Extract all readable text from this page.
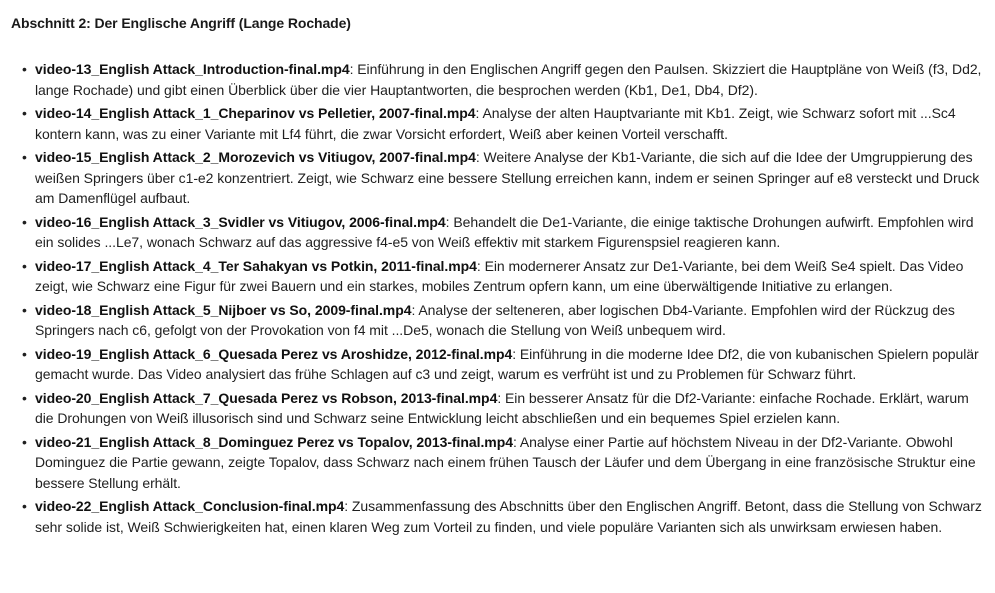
Abschnitt 2: Der Englische Angriff (Lange Rochade)
• video-13_English Attack_Introduction-final.mp4: Einführung in den Englischen Angriff gegen den Paulsen. Skizziert die Hauptpläne von Weiß (f3, Dd2, lange Rochade) und gibt einen Überblick über die vier Hauptantworten, die besprochen werden (Kb1, De1, Db4, Df2).
• video-14_English Attack_1_Cheparinov vs Pelletier, 2007-final.mp4: Analyse der alten Hauptvariante mit Kb1. Zeigt, wie Schwarz sofort mit ...Sc4 kontern kann, was zu einer Variante mit Lf4 führt, die zwar Vorsicht erfordert, Weiß aber keinen Vorteil verschafft.
• video-15_English Attack_2_Morozevich vs Vitiugov, 2007-final.mp4: Weitere Analyse der Kb1-Variante, die sich auf die Idee der Umgruppierung des weißen Springers über c1-e2 konzentriert. Zeigt, wie Schwarz eine bessere Stellung erreichen kann, indem er seinen Springer auf e8 versteckt und Druck am Damenflügel aufbaut.
• video-16_English Attack_3_Svidler vs Vitiugov, 2006-final.mp4: Behandelt die De1-Variante, die einige taktische Drohungen aufwirft. Empfohlen wird ein solides ...Le7, wonach Schwarz auf das aggressive f4-e5 von Weiß effektiv mit starkem Figurenspsiel reagieren kann.
• video-17_English Attack_4_Ter Sahakyan vs Potkin, 2011-final.mp4: Ein modernerer Ansatz zur De1-Variante, bei dem Weiß Se4 spielt. Das Video zeigt, wie Schwarz eine Figur für zwei Bauern und ein starkes, mobiles Zentrum opfern kann, um eine überwältigende Initiative zu erlangen.
• video-18_English Attack_5_Nijboer vs So, 2009-final.mp4: Analyse der selteneren, aber logischen Db4-Variante. Empfohlen wird der Rückzug des Springers nach c6, gefolgt von der Provokation von f4 mit ...De5, wonach die Stellung von Weiß unbequem wird.
• video-19_English Attack_6_Quesada Perez vs Aroshidze, 2012-final.mp4: Einführung in die moderne Idee Df2, die von kubanischen Spielern populär gemacht wurde. Das Video analysiert das frühe Schlagen auf c3 und zeigt, warum es verfrüht ist und zu Problemen für Schwarz führt.
• video-20_English Attack_7_Quesada Perez vs Robson, 2013-final.mp4: Ein besserer Ansatz für die Df2-Variante: einfache Rochade. Erklärt, warum die Drohungen von Weiß illusorisch sind und Schwarz seine Entwicklung leicht abschließen und ein bequemes Spiel erzielen kann.
• video-21_English Attack_8_Dominguez Perez vs Topalov, 2013-final.mp4: Analyse einer Partie auf höchstem Niveau in der Df2-Variante. Obwohl Dominguez die Partie gewann, zeigte Topalov, dass Schwarz nach einem frühen Tausch der Läufer und dem Übergang in eine französische Struktur eine bessere Stellung erhält.
• video-22_English Attack_Conclusion-final.mp4: Zusammenfassung des Abschnitts über den Englischen Angriff. Betont, dass die Stellung von Schwarz sehr solide ist, Weiß Schwierigkeiten hat, einen klaren Weg zum Vorteil zu finden, und viele populäre Varianten sich als unwirksam erwiesen haben.
